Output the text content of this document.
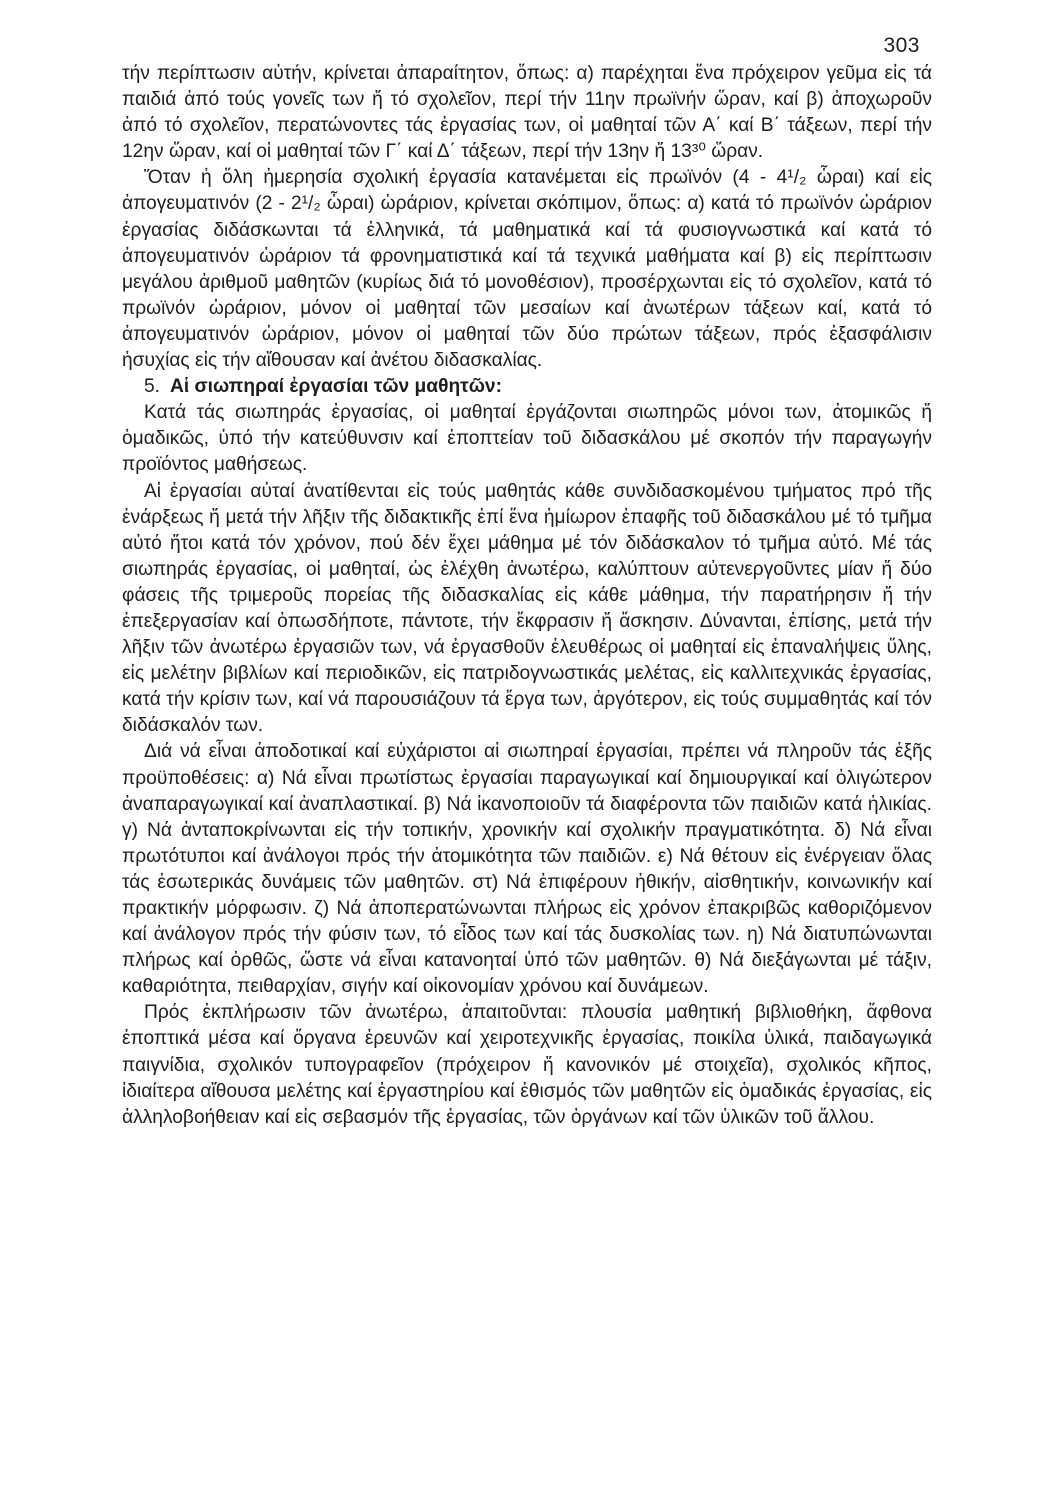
303

τήν περίπτωσιν αὐτήν, κρίνεται ἀπαραίτητον, ὅπως: α) παρέχηται ἕνα πρόχειρον γεῦμα εἰς τά παιδιά ἀπό τούς γονεῖς των ἤ τό σχολεῖον, περί τήν 11ην πρωϊνήν ὥραν, καί β) ἀποχωροῦν ἀπό τό σχολεῖον, περατώνοντες τάς ἐργασίας των, οἱ μαθηταί τῶν Α΄ καί Β΄ τάξεων, περί τήν 12ην ὥραν, καί οἱ μαθηταί τῶν Γ΄ καί Δ΄ τάξεων, περί τήν 13ην ἤ 13³⁰ ὥραν.

Ὅταν ἡ ὅλη ἡμερησία σχολική ἐργασία κατανέμεται εἰς πρωϊνόν (4 - 4¹/₂ ὧραι) καί εἰς ἀπογευματινόν (2 - 2¹/₂ ὧραι) ὡράριον, κρίνεται σκόπιμον, ὅπως: α) κατά τό πρωϊνόν ὡράριον ἐργασίας διδάσκωνται τά ἑλληνικά, τά μαθηματικά καί τά φυσιογνωστικά καί κατά τό ἀπογευματινόν ὡράριον τά φρονηματιστικά καί τά τεχνικά μαθήματα καί β) εἰς περίπτωσιν μεγάλου ἀριθμοῦ μαθητῶν (κυρίως διά τό μονοθέσιον), προσέρχωνται εἰς τό σχολεῖον, κατά τό πρωϊνόν ὡράριον, μόνον οἱ μαθηταί τῶν μεσαίων καί ἀνωτέρων τάξεων καί, κατά τό ἀπογευματινόν ὡράριον, μόνον οἱ μαθηταί τῶν δύο πρώτων τάξεων, πρός ἐξασφάλισιν ἡσυχίας εἰς τήν αἴθουσαν καί ἀνέτου διδασκαλίας.

5. Αἱ σιωπηραί ἐργασίαι τῶν μαθητῶν:

Κατά τάς σιωπηράς ἐργασίας, οἱ μαθηταί ἐργάζονται σιωπηρῶς μόνοι των, ἀτομικῶς ἤ ὁμαδικῶς, ὑπό τήν κατεύθυνσιν καί ἐποπτείαν τοῦ διδασκάλου μέ σκοπόν τήν παραγωγήν προϊόντος μαθήσεως.

Αἱ ἐργασίαι αὐταί ἀνατίθενται εἰς τούς μαθητάς κάθε συνδιδασκομένου τμήματος πρό τῆς ἐνάρξεως ἤ μετά τήν λῆξιν τῆς διδακτικῆς ἐπί ἕνα ἡμίωρον ἐπαφῆς τοῦ διδασκάλου μέ τό τμῆμα αὐτό ἤτοι κατά τόν χρόνον, πού δέν ἔχει μάθημα μέ τόν διδάσκαλον τό τμῆμα αὐτό. Μέ τάς σιωπηράς ἐργασίας, οἱ μαθηταί, ὡς ἐλέχθη ἀνωτέρω, καλύπτουν αὐτενεργοῦντες μίαν ἤ δύο φάσεις τῆς τριμεροῦς πορείας τῆς διδασκαλίας εἰς κάθε μάθημα, τήν παρατήρησιν ἤ τήν ἐπεξεργασίαν καί ὁπωσδήποτε, πάντοτε, τήν ἔκφρασιν ἤ ἄσκησιν. Δύνανται, ἐπίσης, μετά τήν λῆξιν τῶν ἀνωτέρω ἐργασιῶν των, νά ἐργασθοῦν ἐλευθέρως οἱ μαθηταί εἰς ἐπαναλήψεις ὕλης, εἰς μελέτην βιβλίων καί περιοδικῶν, εἰς πατριδογνωστικάς μελέτας, εἰς καλλιτεχνικάς ἐργασίας, κατά τήν κρίσιν των, καί νά παρουσιάζουν τά ἔργα των, ἀργότερον, εἰς τούς συμμαθητάς καί τόν διδάσκαλόν των.

Διά νά εἶναι ἀποδοτικαί καί εὐχάριστοι αἱ σιωπηραί ἐργασίαι, πρέπει νά πληροῦν τάς ἑξῆς προϋποθέσεις: α) Νά εἶναι πρωτίστως ἐργασίαι παραγωγικαί καί δημιουργικαί καί ὀλιγώτερον ἀναπαραγωγικαί καί ἀναπλαστικαί. β) Νά ἱκανοποιοῦν τά διαφέροντα τῶν παιδιῶν κατά ἡλικίας. γ) Νά ἀνταποκρίνωνται εἰς τήν τοπικήν, χρονικήν καί σχολικήν πραγματικότητα. δ) Νά εἶναι πρωτότυποι καί ἀνάλογοι πρός τήν ἀτομικότητα τῶν παιδιῶν. ε) Νά θέτουν εἰς ἐνέργειαν ὅλας τάς ἐσωτερικάς δυνάμεις τῶν μαθητῶν. στ) Νά ἐπιφέρουν ἠθικήν, αἰσθητικήν, κοινωνικήν καί πρακτικήν μόρφωσιν. ζ) Νά ἀποπερατώνωνται πλήρως εἰς χρόνον ἐπακριβῶς καθοριζόμενον καί ἀνάλογον πρός τήν φύσιν των, τό εἶδος των καί τάς δυσκολίας των. η) Νά διατυπώνωνται πλήρως καί ὀρθῶς, ὥστε νά εἶναι κατανοηταί ὑπό τῶν μαθητῶν. θ) Νά διεξάγωνται μέ τάξιν, καθαριότητα, πειθαρχίαν, σιγήν καί οἰκονομίαν χρόνου καί δυνάμεων.

Πρός ἐκπλήρωσιν τῶν ἀνωτέρω, ἀπαιτοῦνται: πλουσία μαθητική βιβλιοθήκη, ἄφθονα ἐποπτικά μέσα καί ὄργανα ἐρευνῶν καί χειροτεχνικῆς ἐργασίας, ποικίλα ὑλικά, παιδαγωγικά παιγνίδια, σχολικόν τυπογραφεῖον (πρόχειρον ἤ κανονικόν μέ στοιχεῖα), σχολικός κῆπος, ἰδιαίτερα αἴθουσα μελέτης καί ἐργαστηρίου καί ἐθισμός τῶν μαθητῶν εἰς ὁμαδικάς ἐργασίας, εἰς ἀλληλοβοήθειαν καί εἰς σεβασμόν τῆς ἐργασίας, τῶν ὀργάνων καί τῶν ὑλικῶν τοῦ ἄλλου.
